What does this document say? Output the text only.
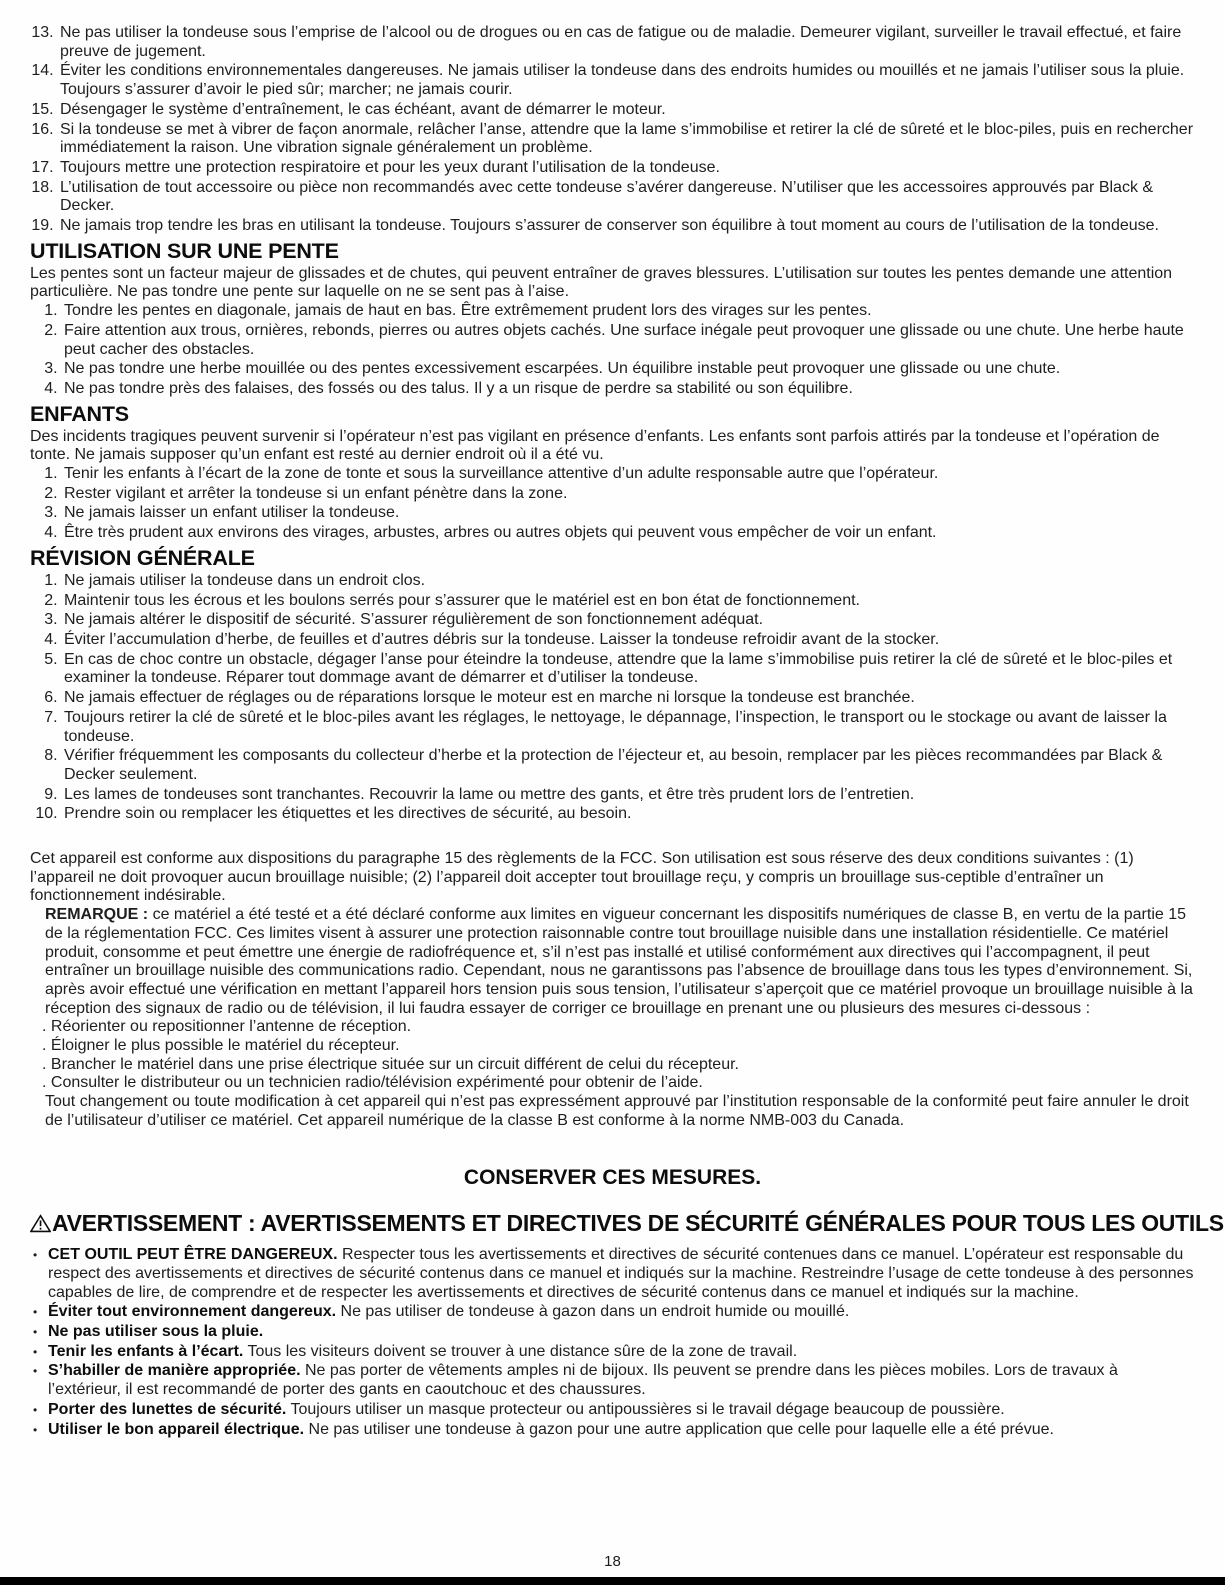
13. Ne pas utiliser la tondeuse sous l’emprise de l’alcool ou de drogues ou en cas de fatigue ou de maladie. Demeurer vigilant, surveiller le travail effectué, et faire preuve de jugement.
14. Éviter les conditions environnementales dangereuses. Ne jamais utiliser la tondeuse dans des endroits humides ou mouillés et ne jamais l’utiliser sous la pluie. Toujours s’assurer d’avoir le pied sûr; marcher; ne jamais courir.
15. Désengager le système d’entraînement, le cas échéant, avant de démarrer le moteur.
16. Si la tondeuse se met à vibrer de façon anormale, relâcher l’anse, attendre que la lame s’immobilise et retirer la clé de sûreté et le bloc-piles, puis en rechercher immédiatement la raison. Une vibration signale généralement un problème.
17. Toujours mettre une protection respiratoire et pour les yeux durant l’utilisation de la tondeuse.
18. L’utilisation de tout accessoire ou pièce non recommandés avec cette tondeuse s’avérer dangereuse. N’utiliser que les accessoires approuvés par Black & Decker.
19. Ne jamais trop tendre les bras en utilisant la tondeuse. Toujours s’assurer de conserver son équilibre à tout moment au cours de l’utilisation de la tondeuse.
UTILISATION SUR UNE PENTE

Les pentes sont un facteur majeur de glissades et de chutes, qui peuvent entraîner de graves blessures. L’utilisation sur toutes les pentes demande une attention particulière. Ne pas tondre une pente sur laquelle on ne se sent pas à l’aise.

1. Tondre les pentes en diagonale, jamais de haut en bas. Être extrêmement prudent lors des virages sur les pentes.
2. Faire attention aux trous, ornières, rebonds, pierres ou autres objets cachés. Une surface inégale peut provoquer une glissade ou une chute. Une herbe haute peut cacher des obstacles.
3. Ne pas tondre une herbe mouillée ou des pentes excessivement escarpées. Un équilibre instable peut provoquer une glissade ou une chute.
4. Ne pas tondre près des falaises, des fossés ou des talus. Il y a un risque de perdre sa stabilité ou son équilibre.
ENFANTS

Des incidents tragiques peuvent survenir si l’opérateur n’est pas vigilant en présence d’enfants. Les enfants sont parfois attirés par la tondeuse et l’opération de tonte. Ne jamais supposer qu’un enfant est resté au dernier endroit où il a été vu.

1. Tenir les enfants à l’écart de la zone de tonte et sous la surveillance attentive d’un adulte responsable autre que l’opérateur.
2. Rester vigilant et arrêter la tondeuse si un enfant pénètre dans la zone.
3. Ne jamais laisser un enfant utiliser la tondeuse.
4. Être très prudent aux environs des virages, arbustes, arbres ou autres objets qui peuvent vous empêcher de voir un enfant.
RÉVISION GÉNÉRALE
1. Ne jamais utiliser la tondeuse dans un endroit clos.
2. Maintenir tous les écrous et les boulons serrés pour s’assurer que le matériel est en bon état de fonctionnement.
3. Ne jamais altérer le dispositif de sécurité. S’assurer régulièrement de son fonctionnement adéquat.
4. Éviter l’accumulation d’herbe, de feuilles et d’autres débris sur la tondeuse. Laisser la tondeuse refroidir avant de la stocker.
5. En cas de choc contre un obstacle, dégager l’anse pour éteindre la tondeuse, attendre que la lame s’immobilise puis retirer la clé de sûreté et le bloc-piles et examiner la tondeuse. Réparer tout dommage avant de démarrer et d’utiliser la tondeuse.
6. Ne jamais effectuer de réglages ou de réparations lorsque le moteur est en marche ni lorsque la tondeuse est branchée.
7. Toujours retirer la clé de sûreté et le bloc-piles avant les réglages, le nettoyage, le dépannage, l’inspection, le transport ou le stockage ou avant de laisser la tondeuse.
8. Vérifier fréquemment les composants du collecteur d’herbe et la protection de l’éjecteur et, au besoin, remplacer par les pièces recommandées par Black & Decker seulement.
9. Les lames de tondeuses sont tranchantes. Recouvrir la lame ou mettre des gants, et être très prudent lors de l’entretien.
10. Prendre soin ou remplacer les étiquettes et les directives de sécurité, au besoin.

Cet appareil est conforme aux dispositions du paragraphe 15 des règlements de la FCC. Son utilisation est sous réserve des deux conditions suivantes : (1) l’appareil ne doit provoquer aucun brouillage nuisible; (2) l’appareil doit accepter tout brouillage reçu, y compris un brouillage sus-ceptible d’entraîner un fonctionnement indésirable.

REMARQUE : ce matériel a été testé et a été déclaré conforme aux limites en vigueur concernant les dispositifs numériques de classe B, en vertu de la partie 15 de la réglementation FCC. Ces limites visent à assurer une protection raisonnable contre tout brouillage nuisible dans une installation résidentielle. Ce matériel produit, consomme et peut émettre une énergie de radiofréquence et, s’il n’est pas installé et utilisé conformément aux directives qui l’accompagnent, il peut entraîner un brouillage nuisible des communications radio. Cependant, nous ne garantissons pas l’absence de brouillage dans tous les types d’environnement. Si, après avoir effectué une vérification en mettant l’appareil hors tension puis sous tension, l’utilisateur s’aperçoit que ce matériel provoque un brouillage nuisible à la réception des signaux de radio ou de télévision, il lui faudra essayer de corriger ce brouillage en prenant une ou plusieurs des mesures ci-dessous :

. Réorienter ou repositionner l’antenne de réception.
. Éloigner le plus possible le matériel du récepteur.
. Brancher le matériel dans une prise électrique située sur un circuit différent de celui du récepteur.
. Consulter le distributeur ou un technicien radio/télévision expérimenté pour obtenir de l’aide.

Tout changement ou toute modification à cet appareil qui n’est pas expressément approuvé par l’institution responsable de la conformité peut faire annuler le droit de l’utilisateur d’utiliser ce matériel. Cet appareil numérique de la classe B est conforme à la norme NMB-003 du Canada.

CONSERVER CES MESURES.

AVERTISSEMENT : AVERTISSEMENTS ET DIRECTIVES DE SÉCURITÉ GÉNÉRALES POUR TOUS LES OUTILS
• CET OUTIL PEUT ÊTRE DANGEREUX. Respecter tous les avertissements et directives de sécurité contenues dans ce manuel. L’opérateur est responsable du respect des avertissements et directives de sécurité contenus dans ce manuel et indiqués sur la machine. Restreindre l’usage de cette tondeuse à des personnes capables de lire, de comprendre et de respecter les avertissements et directives de sécurité contenus dans ce manuel et indiqués sur la machine.
• Éviter tout environnement dangereux. Ne pas utiliser de tondeuse à gazon dans un endroit humide ou mouillé.
• Ne pas utiliser sous la pluie.
• Tenir les enfants à l’écart. Tous les visiteurs doivent se trouver à une distance sûre de la zone de travail.
• S’habiller de manière appropriée. Ne pas porter de vêtements amples ni de bijoux. Ils peuvent se prendre dans les pièces mobiles. Lors de travaux à l’extérieur, il est recommandé de porter des gants en caoutchouc et des chaussures.
• Porter des lunettes de sécurité. Toujours utiliser un masque protecteur ou antipoussières si le travail dégage beaucoup de poussière.
• Utiliser le bon appareil électrique. Ne pas utiliser une tondeuse à gazon pour une autre application que celle pour laquelle elle a été prévue.
18
